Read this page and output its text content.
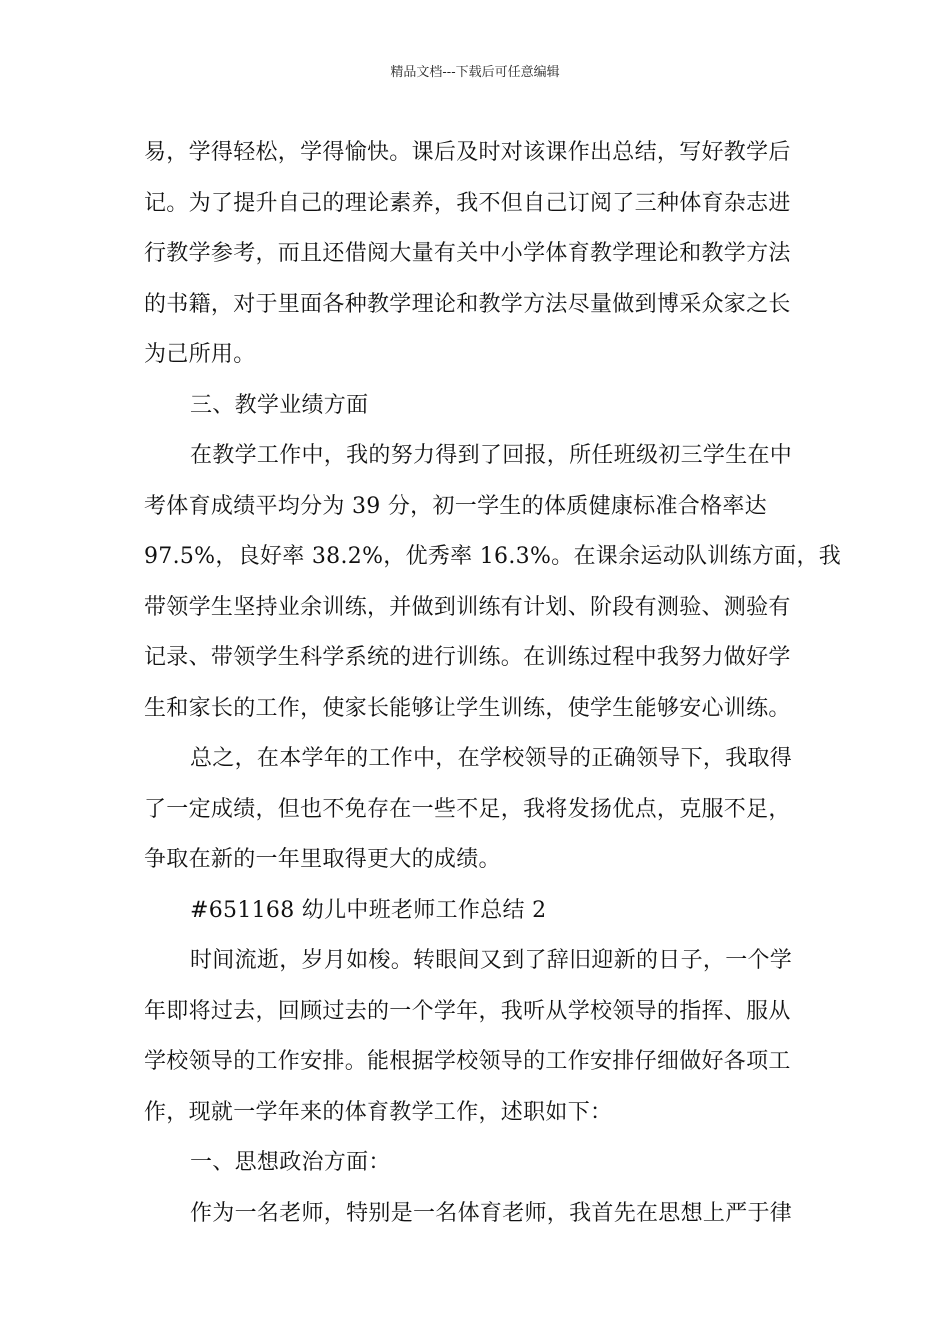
精品文档---下载后可任意编辑
易，学得轻松，学得愉快。课后及时对该课作出总结，写好教学后
记。为了提升自己的理论素养，我不但自己订阅了三种体育杂志进
行教学参考，而且还借阅大量有关中小学体育教学理论和教学方法
的书籍，对于里面各种教学理论和教学方法尽量做到博采众家之长
为己所用。
三、教学业绩方面
在教学工作中，我的努力得到了回报，所任班级初三学生在中
考体育成绩平均分为 39 分，初一学生的体质健康标准合格率达
97.5%，良好率 38.2%，优秀率 16.3%。在课余运动队训练方面，我
带领学生坚持业余训练，并做到训练有计划、阶段有测验、测验有
记录、带领学生科学系统的进行训练。在训练过程中我努力做好学
生和家长的工作，使家长能够让学生训练，使学生能够安心训练。
总之，在本学年的工作中，在学校领导的正确领导下，我取得
了一定成绩，但也不免存在一些不足，我将发扬优点，克服不足，
争取在新的一年里取得更大的成绩。
#651168 幼儿中班老师工作总结 2
时间流逝，岁月如梭。转眼间又到了辞旧迎新的日子，一个学
年即将过去，回顾过去的一个学年，我听从学校领导的指挥、服从
学校领导的工作安排。能根据学校领导的工作安排仔细做好各项工
作，现就一学年来的体育教学工作，述职如下：
一、思想政治方面：
作为一名老师，特别是一名体育老师，我首先在思想上严于律
